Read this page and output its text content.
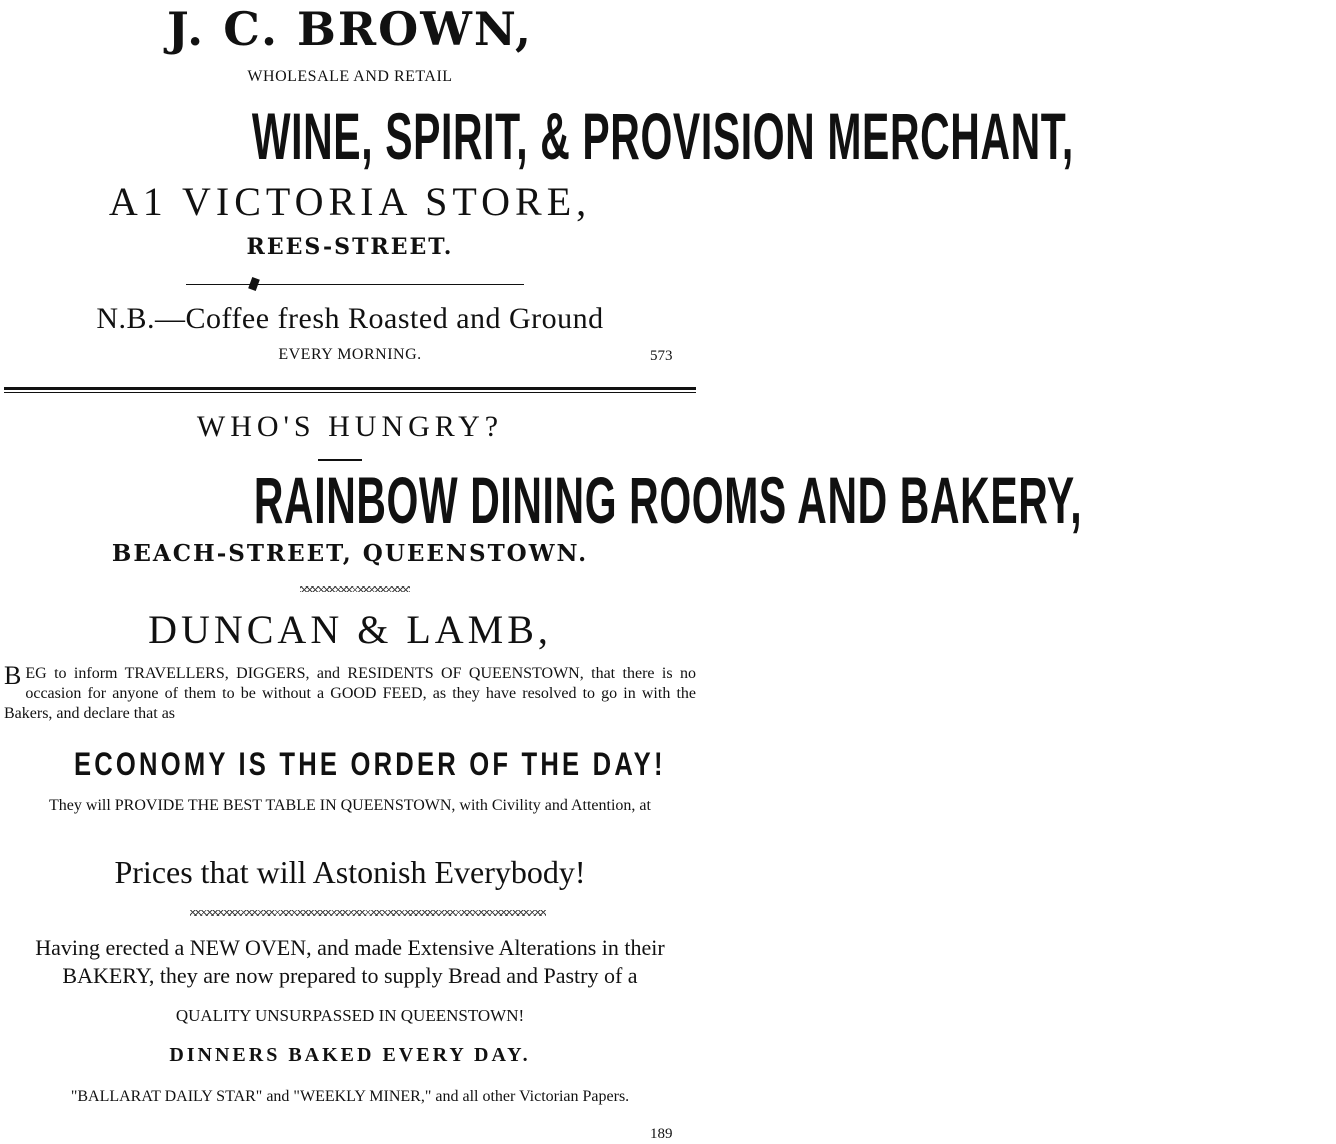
J. C. BROWN,
WHOLESALE AND RETAIL
WINE, SPIRIT, & PROVISION MERCHANT,
A1 VICTORIA STORE,
REES-STREET.
N.B.—Coffee fresh Roasted and Ground
EVERY MORNING.	573
WHO'S HUNGRY?
RAINBOW DINING ROOMS AND BAKERY,
BEACH-STREET, QUEENSTOWN.
DUNCAN & LAMB,
B EG to inform TRAVELLERS, DIGGERS, and RESIDENTS OF QUEENSTOWN, that there is no occasion for anyone of them to be without a GOOD FEED, as they have resolved to go in with the Bakers, and declare that as
ECONOMY IS THE ORDER OF THE DAY!
They will PROVIDE THE BEST TABLE IN QUEENSTOWN, with Civility and Attention, at
Prices that will Astonish Everybody!
Having erected a NEW OVEN, and made Extensive Alterations in their BAKERY, they are now prepared to supply Bread and Pastry of a
QUALITY UNSURPASSED IN QUEENSTOWN!
DINNERS BAKED EVERY DAY.
"BALLARAT DAILY STAR" and "WEEKLY MINER," and all other Victorian Papers.
189
